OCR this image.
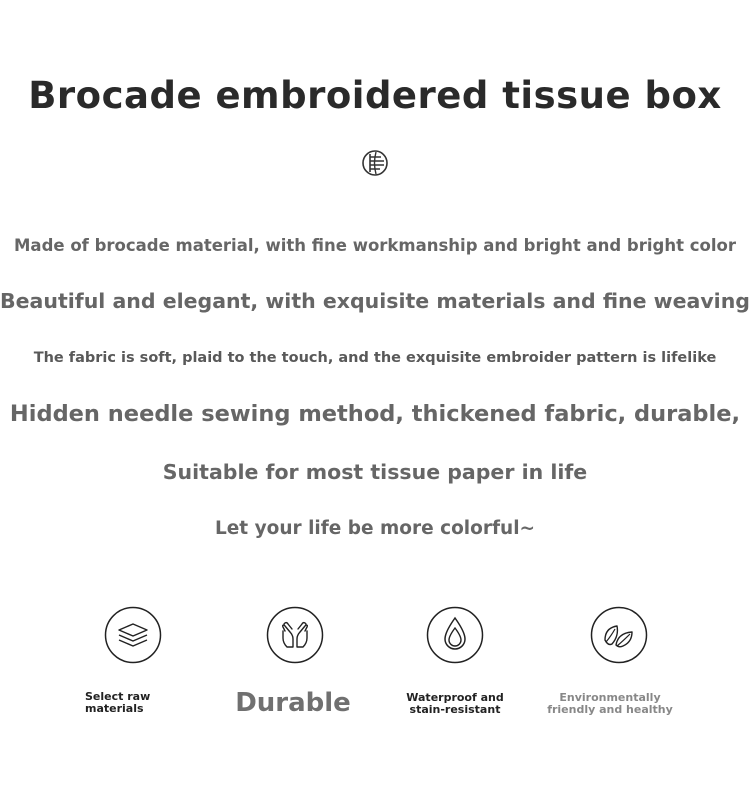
Brocade embroidered tissue box

Made of brocade material, with fine workmanship and bright and bright color

Beautiful and elegant, with exquisite materials and fine weaving

The fabric is soft, plaid to the touch, and the exquisite embroider pattern is lifelike

Hidden needle sewing method, thickened fabric, durable,

Suitable for most tissue paper in life

Let your life be more colorful~

Select raw
materials	Durable	Waterproof and
stain-resistant
Environmentally
friendly and healthy
